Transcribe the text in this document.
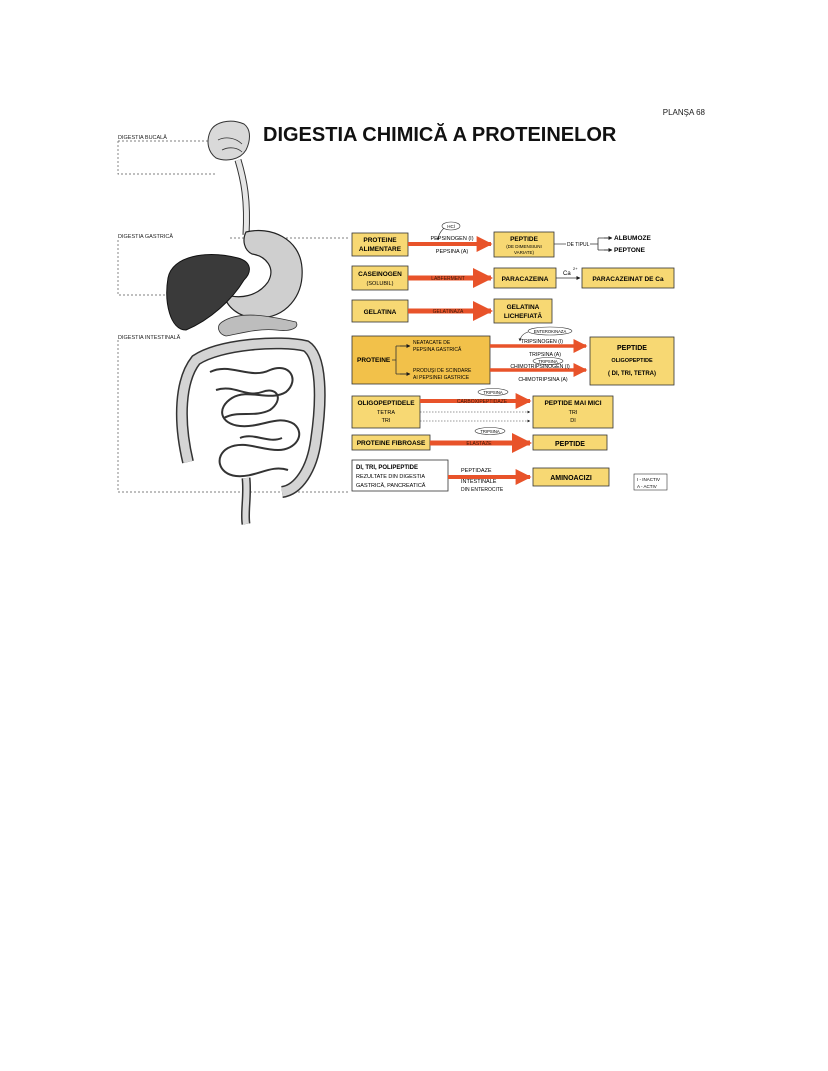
PLANŞA 68
DIGESTIA CHIMICĂ A PROTEINELOR
DIGESTIA BUCALĂ
DIGESTIA GASTRICĂ
DIGESTIA INTESTINALĂ
PROTEINE
ALIMENTARE
HCl
PEPSINOGEN (I)
PEPSINA (A)
PEPTIDE
(DE DIMENSIUNI
VARIATE)
DE TIPUL
ALBUMOZE
PEPTONE
CASEINOGEN
(SOLUBIL)
LABFERMENT	PARACAZEINA
Ca
2+
PARACAZEINAT DE Ca
GELATINA	GELATINAZA
GELATINA
LICHEFIATĂ
PROTEINE
NEATACATE DE
PEPSINA GASTRICĂ
PRODUŞI DE SCINDARE
AI PEPSINEI GASTRICE
ENTEROKINAZA
TRIPSINOGEN (I)
TRIPSINA (A)
TRIPSINA
CHIMOTRIPSINOGEN (I)
CHIMOTRIPSINA (A)
PEPTIDE
OLIGOPEPTIDE
( DI, TRI, TETRA)
OLIGOPEPTIDELE
TETRA
TRI
TRIPSINA
CARBOXIPEPTIDAZE	PEPTIDE MAI MICI
TRI
DI
PROTEINE FIBROASE
TRIPSINA
ELASTAZE	PEPTIDE
DI, TRI, POLIPEPTIDE
REZULTATE DIN DIGESTIA
GASTRICĂ, PANCREATICĂ
PEPTIDAZE
INTESTINALE
DIN ENTEROCITE
AMINOACIZI	I - INACTIV
A - ACTIV
